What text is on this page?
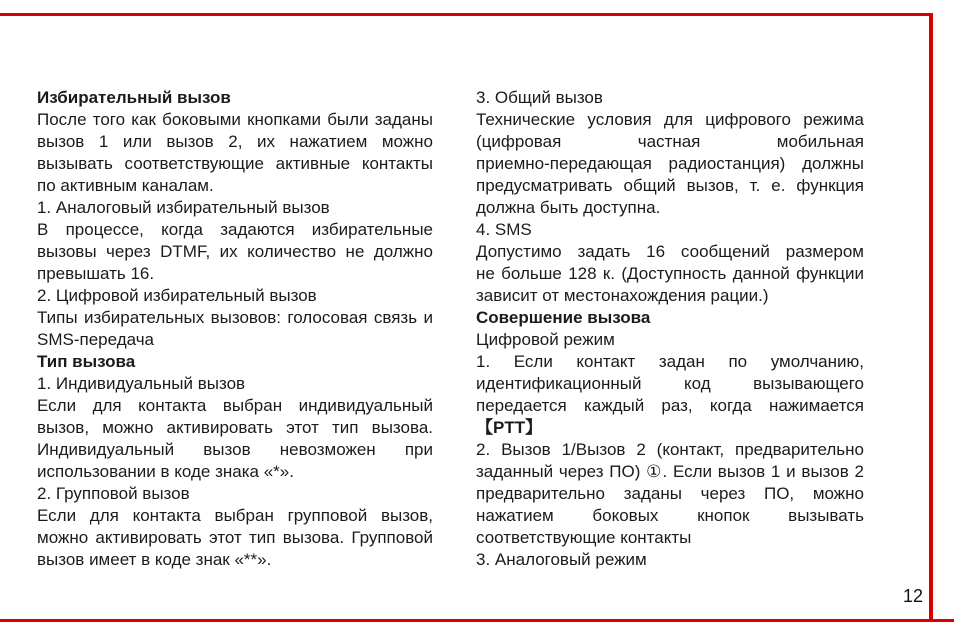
Избирательный вызов

После того как боковыми кнопками были заданы вызов 1 или вызов 2, их нажатием можно вызывать соответствующие активные контакты по активным каналам.

1. Аналоговый избирательный вызов

В процессе, когда задаются избирательные вызовы через DTMF, их количество не должно превышать 16.

2. Цифровой избирательный вызов

Типы избирательных вызовов: голосовая связь и SMS-передача

Тип вызова

1. Индивидуальный вызов

Если для контакта выбран индивидуальный вызов, можно активировать этот тип вызова. Индивидуальный вызов невозможен при использовании в коде знака «*».

2. Групповой вызов

Если для контакта выбран групповой вызов, можно активировать этот тип вызова. Групповой вызов имеет в коде знак «**».

3. Общий вызов

Технические условия для цифрового режима (цифровая частная мобильная приемно-передающая радиостанция) должны предусматривать общий вызов, т. е. функция должна быть доступна.

4. SMS

Допустимо задать 16 сообщений размером не больше 128 к. (Доступность данной функции зависит от местонахождения рации.)

Совершение вызова

Цифровой режим

1. Если контакт задан по умолчанию, идентификационный код вызывающего передается каждый раз, когда нажимается 【PTT】

2. Вызов 1/Вызов 2 (контакт, предварительно заданный через ПО) ①. Если вызов 1 и вызов 2 предварительно заданы через ПО, можно нажатием боковых кнопок вызывать соответствующие контакты

3. Аналоговый режим

12
